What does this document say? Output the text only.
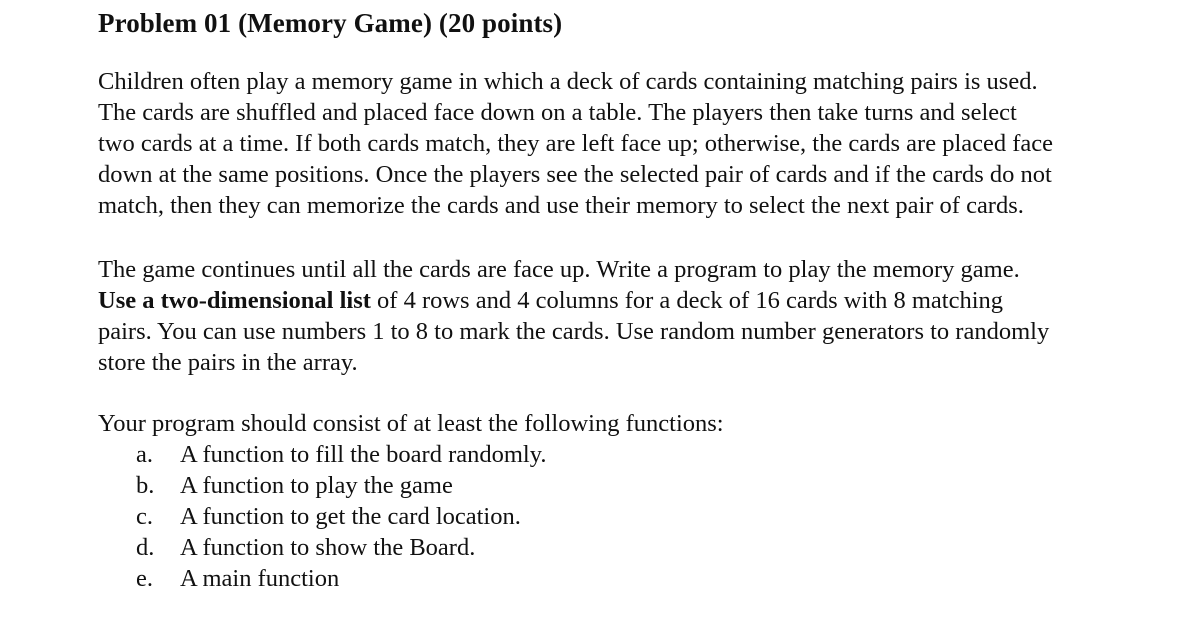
Problem 01 (Memory Game) (20 points)
Children often play a memory game in which a deck of cards containing matching pairs is used.
The cards are shuffled and placed face down on a table. The players then take turns and select
two cards at a time. If both cards match, they are left face up; otherwise, the cards are placed face
down at the same positions. Once the players see the selected pair of cards and if the cards do not
match, then they can memorize the cards and use their memory to select the next pair of cards.
The game continues until all the cards are face up. Write a program to play the memory game.
Use a two-dimensional list of 4 rows and 4 columns for a deck of 16 cards with 8 matching
pairs. You can use numbers 1 to 8 to mark the cards. Use random number generators to randomly
store the pairs in the array.
Your program should consist of at least the following functions:
a. A function to fill the board randomly.
b. A function to play the game
c. A function to get the card location.
d. A function to show the Board.
e. A main function
